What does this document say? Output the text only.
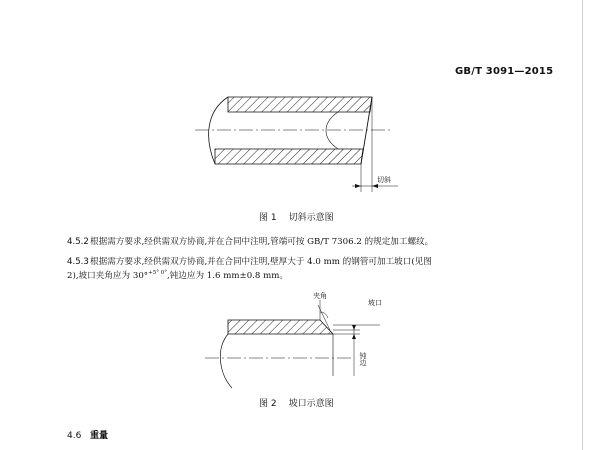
GB/T 3091—2015
切斜
夹角
坡口
钝边
图 1 切斜示意图
4.5.2根据需方要求,经供需双方协商,并在合同中注明,管端可按 GB/T 7306.2 的规定加工螺纹。
4.5.3根据需方要求,经供需双方协商,并在合同中注明,壁厚大于 4.0 mm 的钢管可加工坡口(见图
2),坡口夹角应为 30°$^{+5^\circ 0^\circ}$,钝边应为 1.6 mm±0.8 mm。
图 2 坡口示意图
4.6 重量
